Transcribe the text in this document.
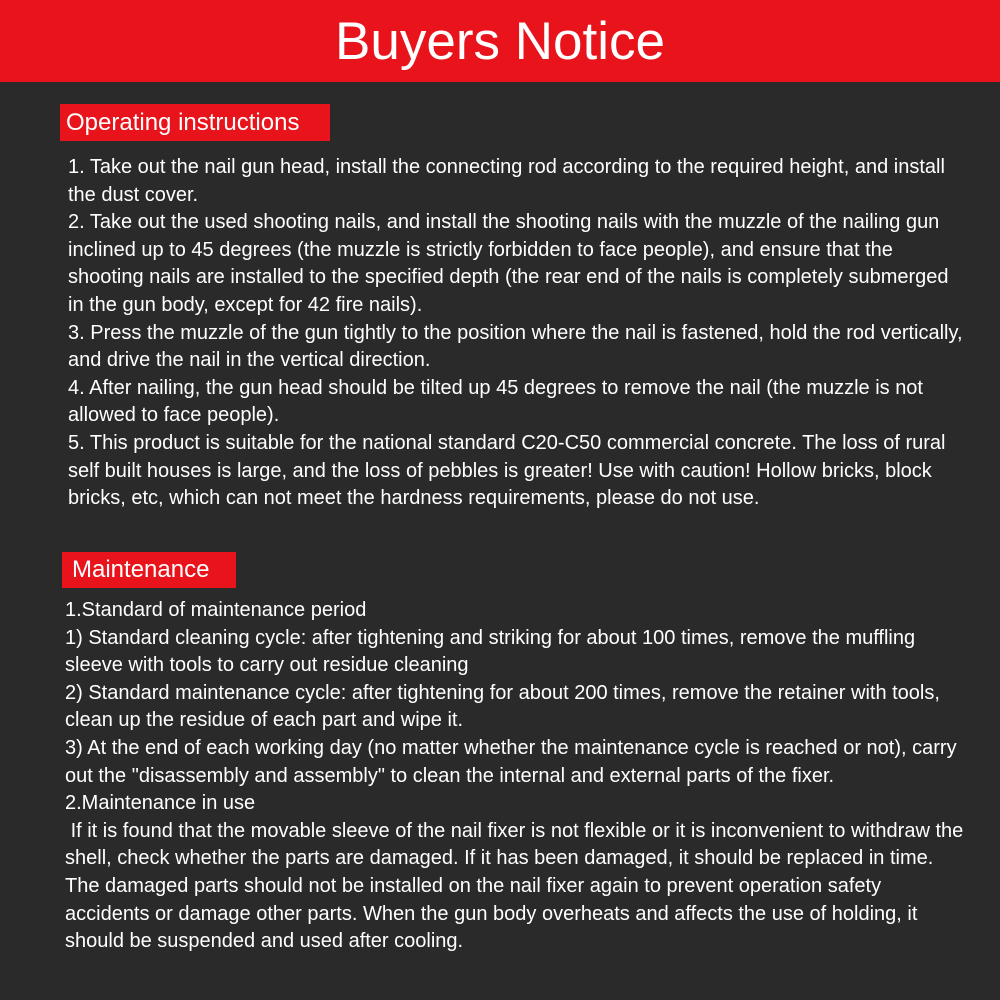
Buyers Notice
Operating instructions
1. Take out the nail gun head, install the connecting rod according to the required height, and install the dust cover.
2. Take out the used shooting nails, and install the shooting nails with the muzzle of the nailing gun inclined up to 45 degrees (the muzzle is strictly forbidden to face people), and ensure that the shooting nails are installed to the specified depth (the rear end of the nails is completely submerged in the gun body, except for 42 fire nails).
3. Press the muzzle of the gun tightly to the position where the nail is fastened, hold the rod vertically, and drive the nail in the vertical direction.
4. After nailing, the gun head should be tilted up 45 degrees to remove the nail (the muzzle is not allowed to face people).
5. This product is suitable for the national standard C20-C50 commercial concrete. The loss of rural self built houses is large, and the loss of pebbles is greater! Use with caution! Hollow bricks, block bricks, etc, which can not meet the hardness requirements, please do not use.
Maintenance
1.Standard of maintenance period
1) Standard cleaning cycle: after tightening and striking for about 100 times, remove the muffling sleeve with tools to carry out residue cleaning
2) Standard maintenance cycle: after tightening for about 200 times, remove the retainer with tools, clean up the residue of each part and wipe it.
3) At the end of each working day (no matter whether the maintenance cycle is reached or not), carry out the "disassembly and assembly" to clean the internal and external parts of the fixer.
2.Maintenance in use
If it is found that the movable sleeve of the nail fixer is not flexible or it is inconvenient to withdraw the shell, check whether the parts are damaged. If it has been damaged, it should be replaced in time. The damaged parts should not be installed on the nail fixer again to prevent operation safety accidents or damage other parts. When the gun body overheats and affects the use of holding, it should be suspended and used after cooling.
